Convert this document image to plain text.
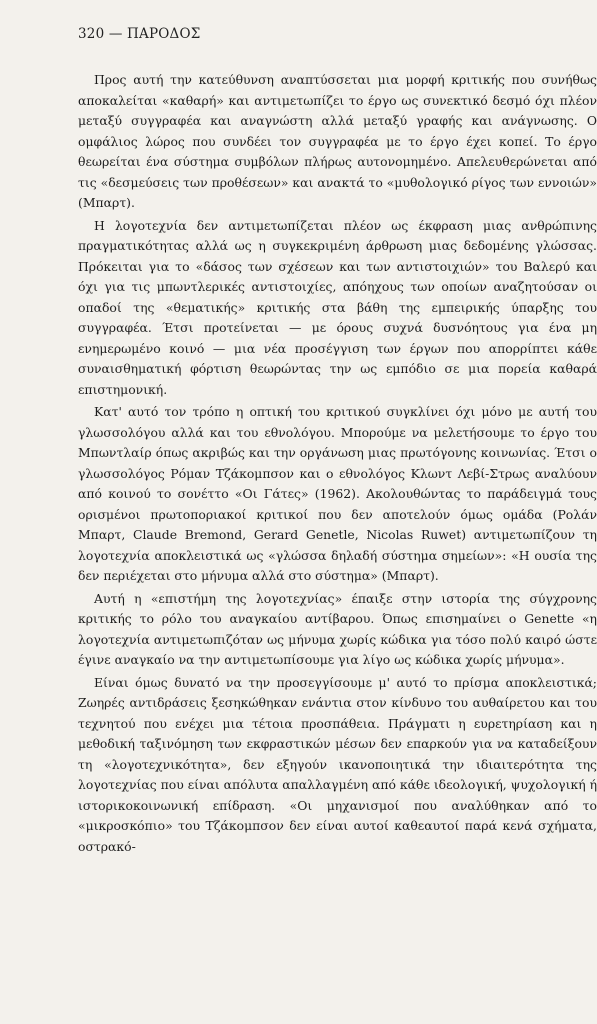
320 — ΠΑΡΟΔΟΣ

Προς αυτή την κατεύθυνση αναπτύσσεται μια μορφή κριτικής που συνήθως αποκαλείται «καθαρή» και αντιμετωπίζει το έργο ως συνεκτικό δεσμό όχι πλέον μεταξύ συγγραφέα και αναγνώστη αλλά μεταξύ γραφής και ανάγνωσης. Ο ομφάλιος λώρος που συνδέει τον συγγραφέα με το έργο έχει κοπεί. Το έργο θεωρείται ένα σύστημα συμβόλων πλήρως αυτονομημένο. Απελευθερώνεται από τις «δεσμεύσεις των προθέσεων» και ανακτά το «μυθολογικό ρίγος των εννοιών» (Μπαρτ).

Η λογοτεχνία δεν αντιμετωπίζεται πλέον ως έκφραση μιας ανθρώπινης πραγματικότητας αλλά ως η συγκεκριμένη άρθρωση μιας δεδομένης γλώσσας. Πρόκειται για το «δάσος των σχέσεων και των αντιστοιχιών» του Βαλερύ και όχι για τις μπωντλερικές αντιστοιχίες, απόηχους των οποίων αναζητούσαν οι οπαδοί της «θεματικής» κριτικής στα βάθη της εμπειρικής ύπαρξης του συγγραφέα. Έτσι προτείνεται — με όρους συχνά δυσνόητους για ένα μη ενημερωμένο κοινό — μια νέα προσέγγιση των έργων που απορρίπτει κάθε συναισθηματική φόρτιση θεωρώντας την ως εμπόδιο σε μια πορεία καθαρά επιστημονική.

Κατ' αυτό τον τρόπο η οπτική του κριτικού συγκλίνει όχι μόνο με αυτή του γλωσσολόγου αλλά και του εθνολόγου. Μπορούμε να μελετήσουμε το έργο του Μπωντλαίρ όπως ακριβώς και την οργάνωση μιας πρωτόγονης κοινωνίας. Έτσι ο γλωσσολόγος Ρόμαν Τζάκομπσον και ο εθνολόγος Κλωντ Λεβί-Στρως αναλύουν από κοινού το σονέττο «Οι Γάτες» (1962). Ακολουθώντας το παράδειγμά τους ορισμένοι πρωτοποριακοί κριτικοί που δεν αποτελούν όμως ομάδα (Ρολάν Μπαρτ, Claude Bremond, Gerard Genetle, Nicolas Ruwet) αντιμετωπίζουν τη λογοτεχνία αποκλειστικά ως «γλώσσα δηλαδή σύστημα σημείων»: «Η ουσία της δεν περιέχεται στο μήνυμα αλλά στο σύστημα» (Μπαρτ).

Αυτή η «επιστήμη της λογοτεχνίας» έπαιξε στην ιστορία της σύγχρονης κριτικής το ρόλο του αναγκαίου αντίβαρου. Όπως επισημαίνει ο Genette «η λογοτεχνία αντιμετωπιζόταν ως μήνυμα χωρίς κώδικα για τόσο πολύ καιρό ώστε έγινε αναγκαίο να την αντιμετωπίσουμε για λίγο ως κώδικα χωρίς μήνυμα».

Είναι όμως δυνατό να την προσεγγίσουμε μ' αυτό το πρίσμα αποκλειστικά; Ζωηρές αντιδράσεις ξεσηκώθηκαν ενάντια στον κίνδυνο του αυθαίρετου και του τεχνητού που ενέχει μια τέτοια προσπάθεια. Πράγματι η ευρετηρίαση και η μεθοδική ταξινόμηση των εκφραστικών μέσων δεν επαρκούν για να καταδείξουν τη «λογοτεχνικότητα», δεν εξηγούν ικανοποιητικά την ιδιαιτερότητα της λογοτεχνίας που είναι απόλυτα απαλλαγμένη από κάθε ιδεολογική, ψυχολογική ή ιστορικοκοινωνική επίδραση. «Οι μηχανισμοί που αναλύθηκαν από το «μικροσκόπιο» του Τζάκομπσον δεν είναι αυτοί καθεαυτοί παρά κενά σχήματα, οστρακό-
